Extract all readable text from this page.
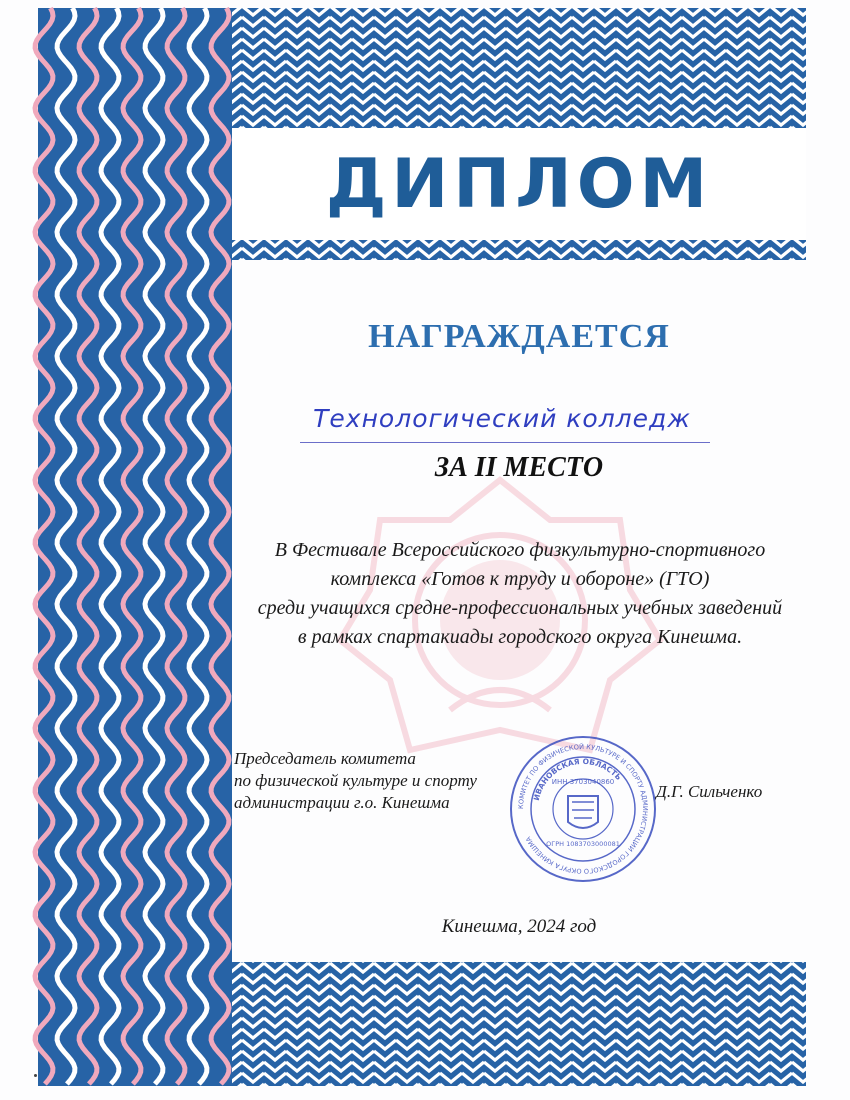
ДИПЛОМ
НАГРАЖДАЕТСЯ
Технологический колледж
ЗА II МЕСТО
В Фестивале Всероссийского физкультурно-спортивного
комплекса «Готов к труду и обороне» (ГТО)
среди учащихся средне-профессиональных учебных заведений
в рамках спартакиады городского округа Кинешма.
Председатель комитета
по физической культуре и спорту
администрации г.о. Кинешма
Д.Г. Сильченко
КОМИТЕТ ПО ФИЗИЧЕСКОЙ КУЛЬТУРЕ И СПОРТУ АДМИНИСТРАЦИИ ГОРОДСКОГО ОКРУГА КИНЕШМА
ИВАНОВСКАЯ ОБЛАСТЬ
ИНН 3703040860
ОГРН 1083703000081
Кинешма, 2024 год
